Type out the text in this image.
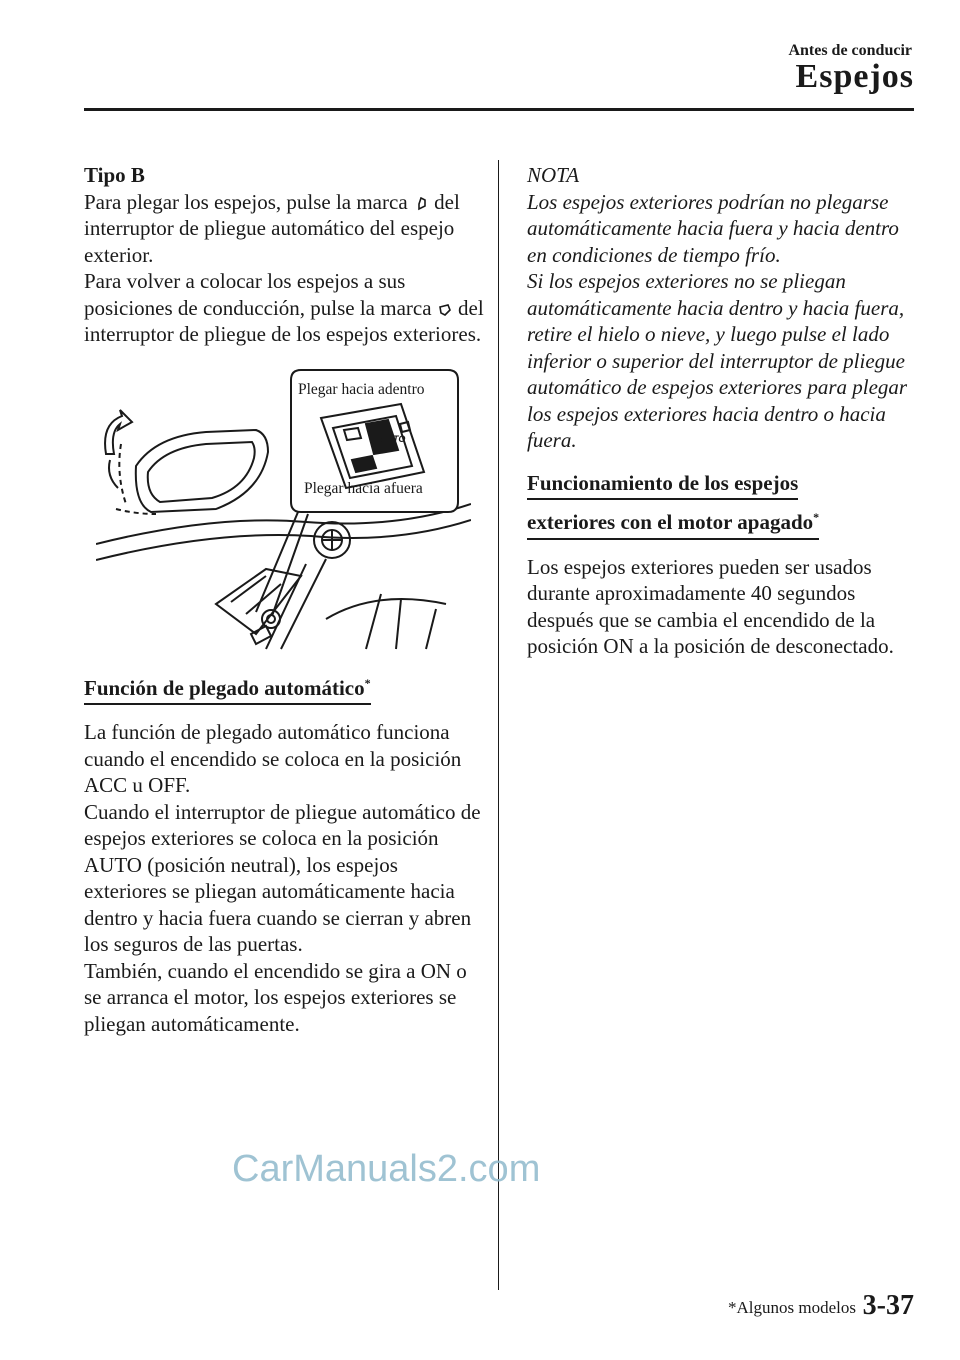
Antes de conducir
Espejos

Tipo B

Para plegar los espejos, pulse la marca del interruptor de pliegue automático del espejo exterior.

Para volver a colocar los espejos a sus posiciones de conducción, pulse la marca del interruptor de pliegue de los espejos exteriores.

AUTO
Plegar hacia adentro
Plegar hacia afuera

Función de plegado automático*

La función de plegado automático funciona cuando el encendido se coloca en la posición ACC u OFF.

Cuando el interruptor de pliegue automático de espejos exteriores se coloca en la posición AUTO (posición neutral), los espejos exteriores se pliegan automáticamente hacia dentro y hacia fuera cuando se cierran y abren los seguros de las puertas.

También, cuando el encendido se gira a ON o se arranca el motor, los espejos exteriores se pliegan automáticamente.

NOTA

Los espejos exteriores podrían no plegarse automáticamente hacia fuera y hacia dentro en condiciones de tiempo frío.

Si los espejos exteriores no se pliegan automáticamente hacia dentro y hacia fuera, retire el hielo o nieve, y luego pulse el lado inferior o superior del interruptor de pliegue automático de espejos exteriores para plegar los espejos exteriores hacia dentro o hacia fuera.

Funcionamiento de los espejos

exteriores con el motor apagado*

Los espejos exteriores pueden ser usados durante aproximadamente 40 segundos después que se cambia el encendido de la posición ON a la posición de desconectado.

*Algunos modelos 3-37
CarManuals2.com
